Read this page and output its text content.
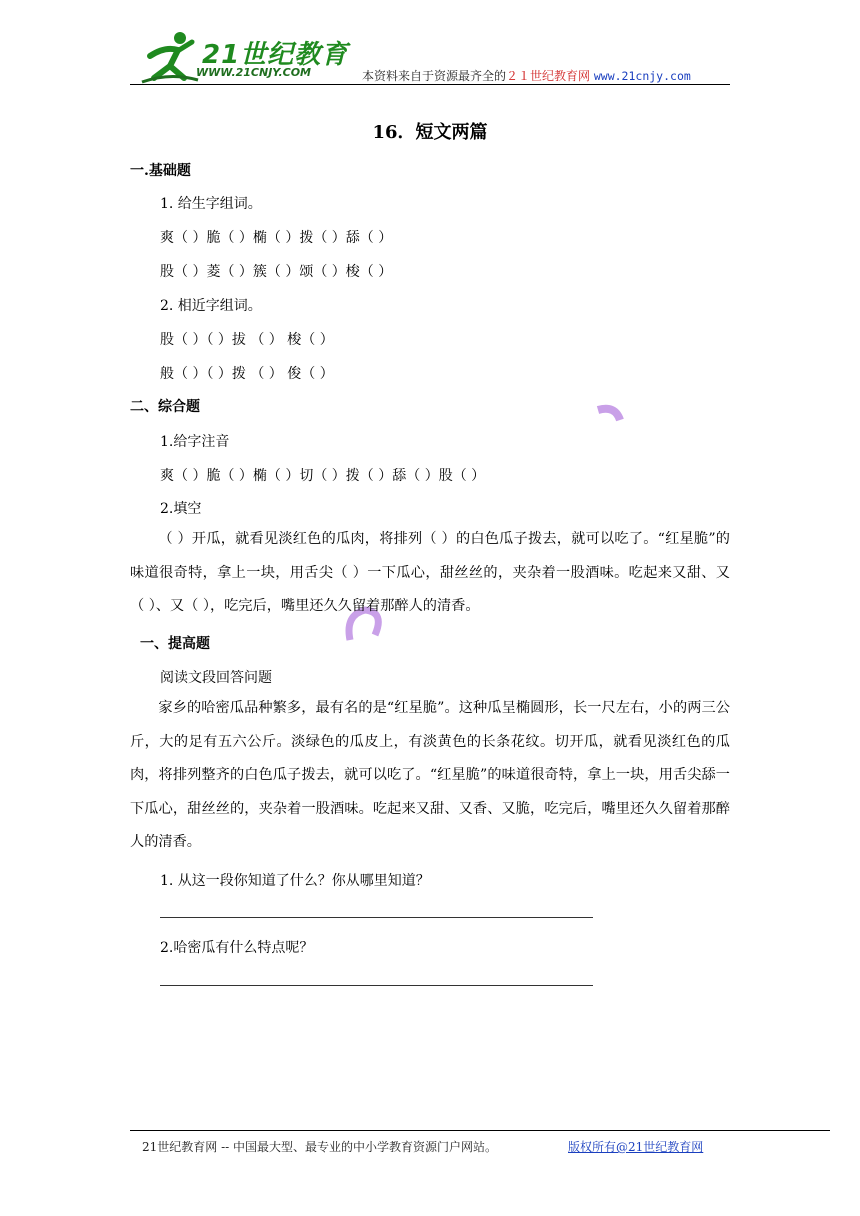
21世纪教育
WWW.21CNJY.COM	本资料来自于资源最齐全的２１世纪教育网 www.21cnjy.com
16．短文两篇
一.基础题
1. 给生字组词。
爽（ ）脆（ ）椭（ ）拨（ ）舔（ ）
股（ ）菱（ ）簇（ ）颂（ ）梭（ ）
2. 相近字组词。
股（ ）（ ）拔 （ ） 梭（ ）
般（ ）（ ）拨 （ ） 俊（ ）
二、综合题
1.给字注音
爽（ ）脆（ ）椭（ ）切（ ）拨（ ）舔（ ）股（ ）
2.填空
（ ）开瓜，就看见淡红色的瓜肉，将排列（ ）的白色瓜子拨去，就可以吃了。“红星脆”的味道很奇特，拿上一块，用舌尖（ ）一下瓜心，甜丝丝的，夹杂着一股酒味。吃起来又甜、又（ ）、又（ ），吃完后，嘴里还久久留着那醉人的清香。
一、提高题
阅读文段回答问题
家乡的哈密瓜品种繁多，最有名的是“红星脆”。这种瓜呈椭圆形，长一尺左右，小的两三公斤，大的足有五六公斤。淡绿色的瓜皮上，有淡黄色的长条花纹。切开瓜，就看见淡红色的瓜肉，将排列整齐的白色瓜子拨去，就可以吃了。“红星脆”的味道很奇特，拿上一块，用舌尖舔一下瓜心，甜丝丝的，夹杂着一股酒味。吃起来又甜、又香、又脆，吃完后，嘴里还久久留着那醉人的清香。
1. 从这一段你知道了什么？你从哪里知道？
2.哈密瓜有什么特点呢？
21世纪教育网 -- 中国最大型、最专业的中小学教育资源门户网站。	版权所有@21世纪教育网
